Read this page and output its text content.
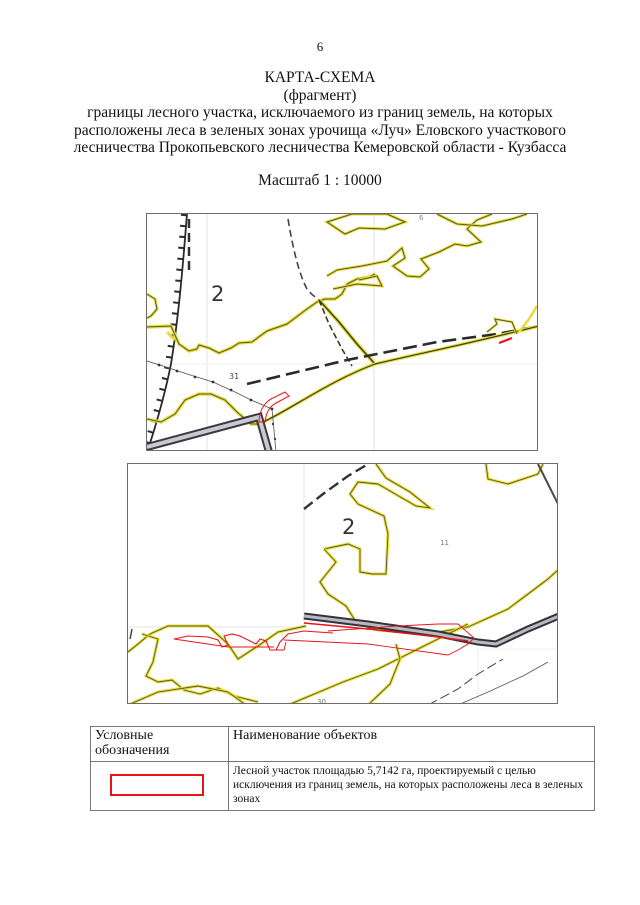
6
КАРТА-СХЕМА
(фрагмент)
границы лесного участка, исключаемого из границ земель, на которых
расположены леса в зеленых зонах урочища «Луч» Еловского участкового
лесничества Прокопьевского лесничества Кемеровской области - Кузбасса
Масштаб 1 : 10000
2
31
6
2
11
30
Условные обозначения	Наименование объектов

	Лесной участок площадью 5,7142 га, проектируемый с целью исключения из границ земель, на которых расположены леса в зеленых зонах
